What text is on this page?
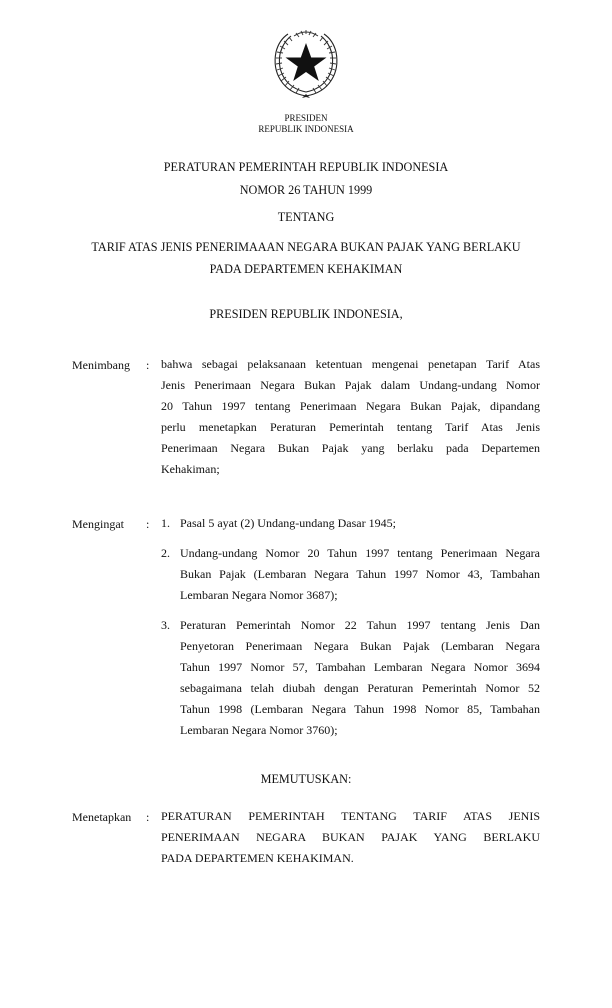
PRESIDEN
REPUBLIK INDONESIA
PERATURAN PEMERINTAH REPUBLIK INDONESIA
NOMOR 26 TAHUN 1999
TENTANG
TARIF ATAS JENIS PENERIMAAAN NEGARA BUKAN PAJAK YANG BERLAKU
PADA DEPARTEMEN KEHAKIMAN
PRESIDEN REPUBLIK INDONESIA,
Menimbang : bahwa sebagai pelaksanaan ketentuan mengenai penetapan Tarif Atas
Jenis Penerimaan Negara Bukan Pajak dalam Undang-undang Nomor
20 Tahun 1997 tentang Penerimaan Negara Bukan Pajak, dipandang
perlu menetapkan Peraturan Pemerintah tentang Tarif Atas Jenis
Penerimaan Negara Bukan Pajak yang berlaku pada Departemen
Kehakiman;
Mengingat : 1. Pasal 5 ayat (2) Undang-undang Dasar 1945;
2. Undang-undang Nomor 20 Tahun 1997 tentang Penerimaan Negara
Bukan Pajak (Lembaran Negara Tahun 1997 Nomor 43, Tambahan
Lembaran Negara Nomor 3687);
3. Peraturan Pemerintah Nomor 22 Tahun 1997 tentang Jenis Dan
Penyetoran Penerimaan Negara Bukan Pajak (Lembaran Negara
Tahun 1997 Nomor 57, Tambahan Lembaran Negara Nomor 3694
sebagaimana telah diubah dengan Peraturan Pemerintah Nomor 52
Tahun 1998 (Lembaran Negara Tahun 1998 Nomor 85, Tambahan
Lembaran Negara Nomor 3760);
MEMUTUSKAN:
Menetapkan : PERATURAN PEMERINTAH TENTANG TARIF ATAS JENIS
PENERIMAAN NEGARA BUKAN PAJAK YANG BERLAKU
PADA DEPARTEMEN KEHAKIMAN.
